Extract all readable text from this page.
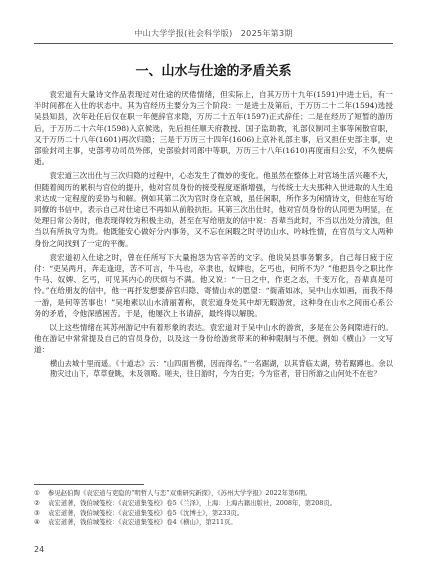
中山大学学报(社会科学版)　2025年第3期
一、山水与仕途的矛盾关系

袁宏道有大量诗文作品表现过对仕途的厌倦情绪，但实际上，自其万历十九年(1591)中进士后，有一半时间都在入仕的状态中。其为官经历主要分为三个阶段：一是进士及第后，于万历二十二年(1594)选授吴县知县，次年赴任后仅在职一年便辞官求隐，万历二十五年(1597)正式辞任；二是在经历了短暂的游历后，于万历二十六年(1598)入京候选，先后担任顺天府教授、国子监助教，礼部仪制司主事等闲散官职，又于万历二十八年(1601)再次归隐；三是于万历三十四年(1606)上京补礼部主事，后又担任史部主事，史部验封司主事，史部考功司员外郎，史部验封司郎中等职，万历三十八年(1610)再度南归公安，不久便病逝。

袁宏道三次出仕与三次归隐的过程中，心态发生了微妙的变化。他虽然在整体上对官场生活兴趣不大，但随着阅历的累积与官位的提升，他对官员身份的接受程度逐渐增强，与传统士大夫那种入世进取的人生追求达成一定程度的妥协与和解。例如其第二次为官时身在京城，虽任闲职，所作多为闲情诗文，但他在写给同僚的书信中，表示自己对仕途已不再如从前般抗拒。其第三次出仕时，他对官员身份的认同更为明显，在处理日常公务时，他表现得较为积极主动，甚至在写给朋友的信中说：吾辈当此时，不当以出处分清浊，但当以有所执守为贵。他既能安心做好分内事务，又不忘在闲暇之时寻访山水、吟咏性情，在官员与文人两种身份之间找到了一定的平衡。

袁宏道初入仕途之时，曾在任所写下大量抱怨为官辛苦的文字。他说吴县事务繁多，自己每日疲于应付：“吏吴两月，奔走逢迎，苦不可言，牛马也，卒隶也，奴婢也，乞丐也，何所不为？”他把县令之职比作牛马、奴婢、乞丐，可见其内心的厌烦与不满。他又说：“一日之中，作吏之态，千变万化，吾辈真是可怜。”在给朋友的信中，他一再抒发想要辞官归隐、寄情山水的愿望：“衙斋如冰，吴中山水如画，而我不得一游，是何等苦事也！”吴地素以山水清丽著称，袁宏道身处其中却无暇游赏，这种身在山水之间而心系公务的矛盾，令他深感困苦。于是，他屡次上书请辞，最终得以解脱。

以上这些情绪在其苏州游记中有着形象的表达。袁宏道对于吴中山水的游赏，多是在公务间隙进行的。他在游记中常常提及自己的官员身份，以及这一身份给游赏带来的种种限制与不便。例如《横山》一文写道：

横山去城十里而遥。《十道志》云：“山四面皆横，因而得名。”一名踞湖，以其背临太湖，势若踞蹲也。余以勘灾过山下，草草登眺，未及领略。嗟夫，往日游时，今为白吏；今为宦者，昔日所游之山何处不在也？
①	参见赵伯陶《袁宏道与吏隐的“明哲人与恋”双重研究新探》，《苏州大学学报》2022年第6期。
②	袁宏道著，钱伯城笺校：《袁宏道集笺校》卷5《兰泽》，上海：上海古籍出版社，2008年，第208页。
③	袁宏道著，钱伯城笺校：《袁宏道集笺校》卷5《沈博士》，第233页。
④	袁宏道著，钱伯城笺校：《袁宏道集笺校》卷4《横山》，第211页。
24
